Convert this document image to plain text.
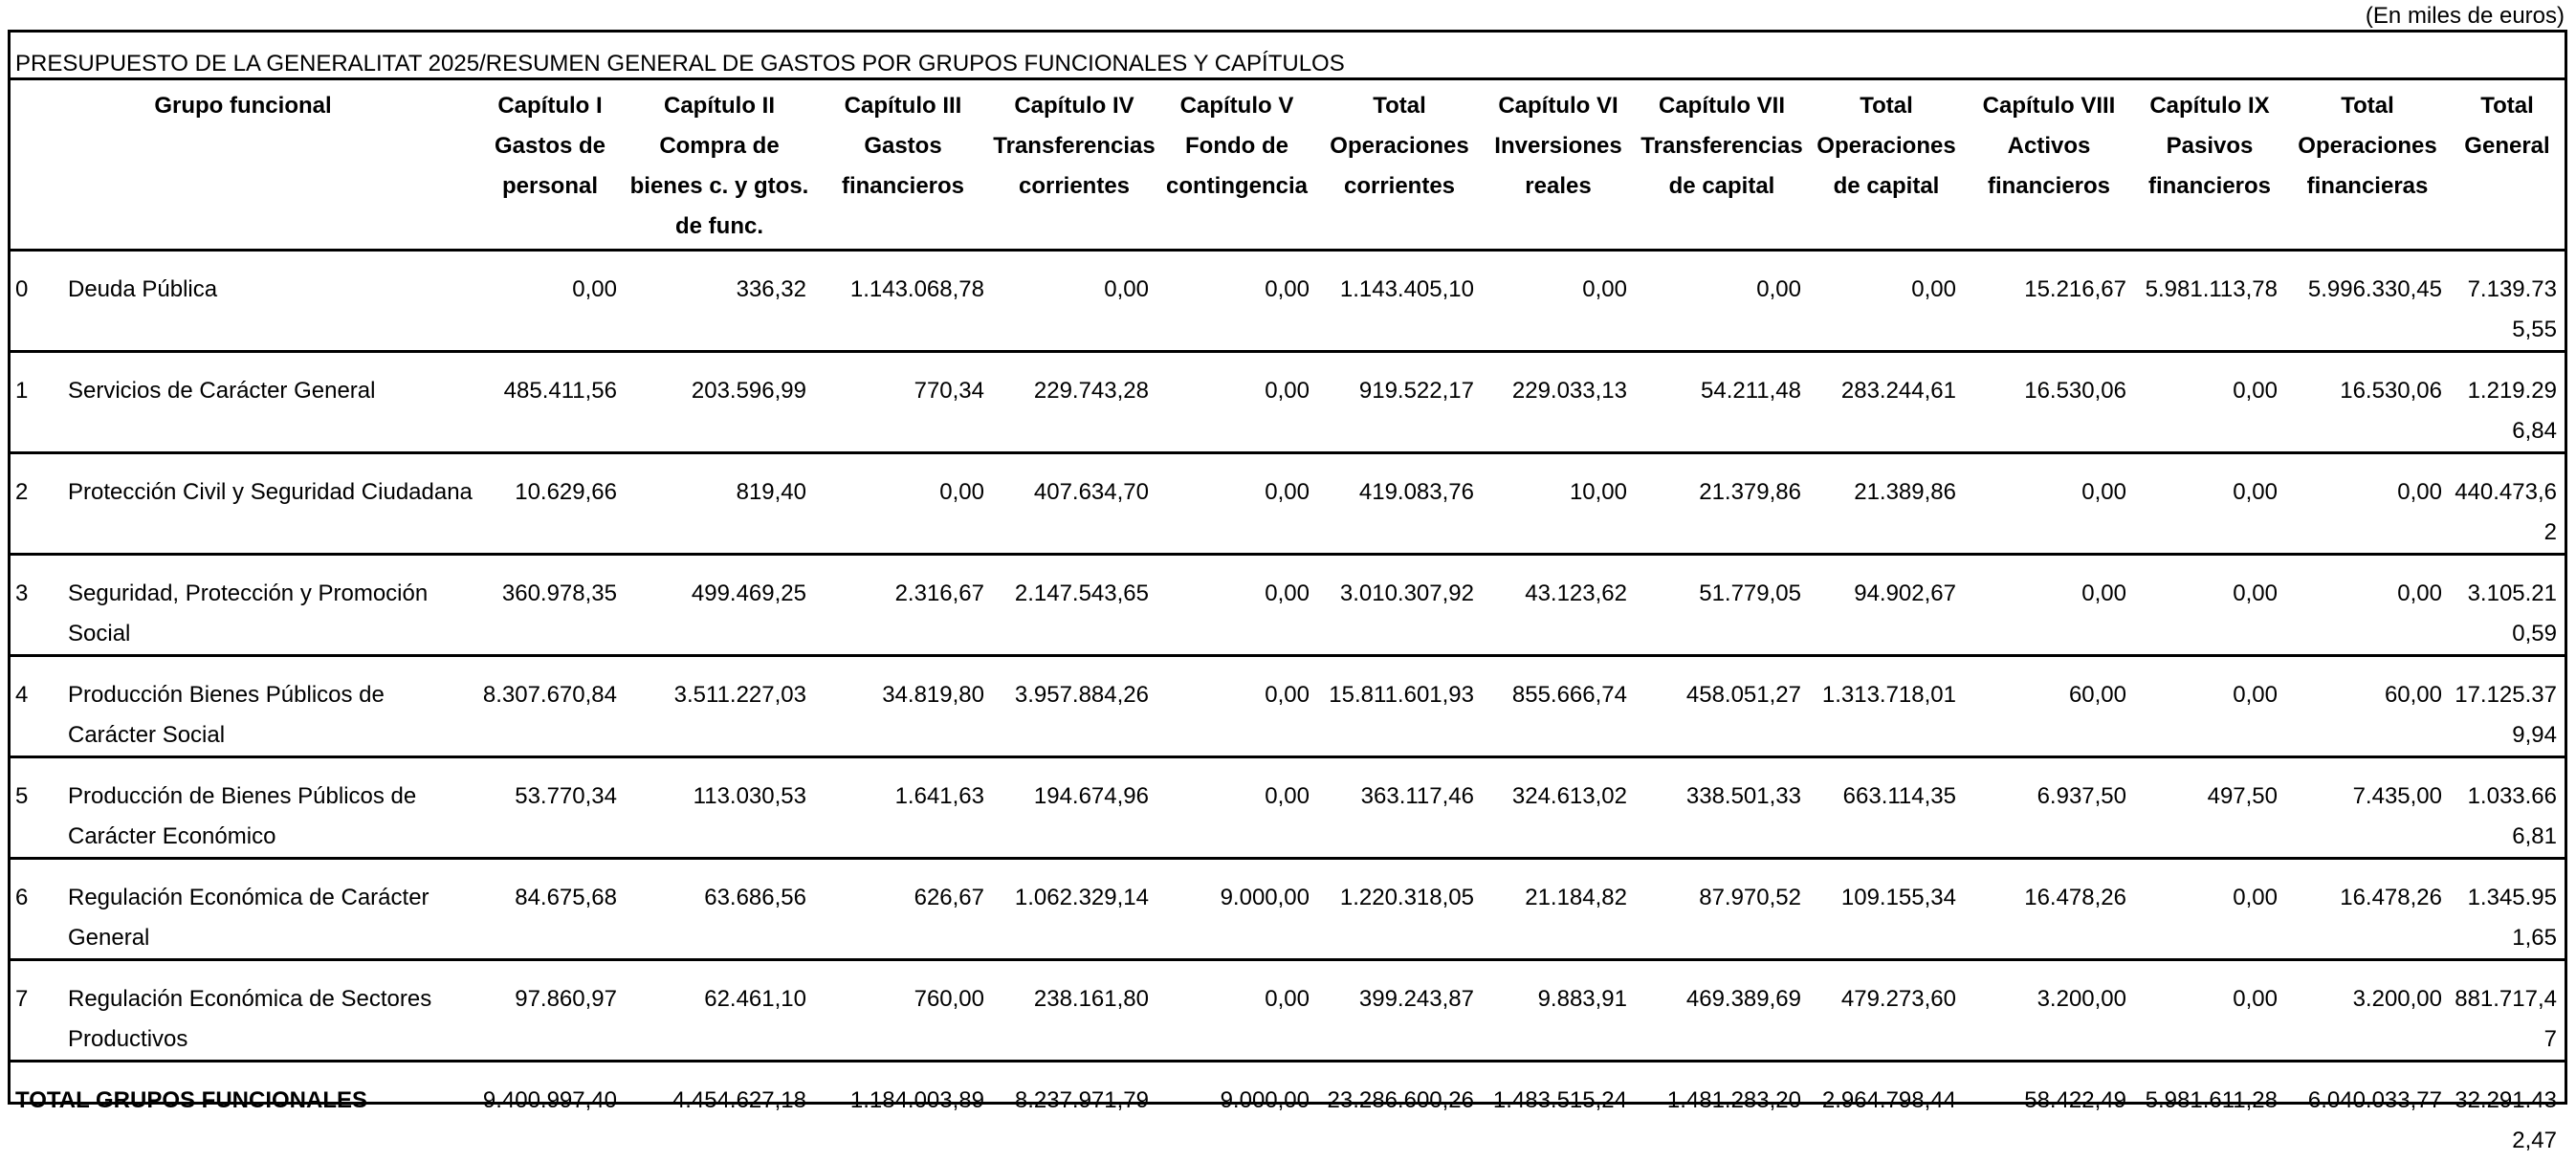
(En miles de euros)
PRESUPUESTO DE LA GENERALITAT 2025/RESUMEN GENERAL DE GASTOS POR GRUPOS FUNCIONALES Y CAPÍTULOS
Grupo funcional		Capítulo I Gastos de personal	Capítulo II Compra de bienes c. y gtos. de func.	Capítulo III Gastos financieros	Capítulo IV Transferencias corrientes	Capítulo V Fondo de contingencia	Total Operaciones corrientes	Capítulo VI Inversiones reales	Capítulo VII Transferencias de capital	Total Operaciones de capital	Capítulo VIII Activos financieros	Capítulo IX Pasivos financieros	Total Operaciones financieras	Total General
0	Deuda Pública	0,00	336,32	1.143.068,78	0,00	0,00	1.143.405,10	0,00	0,00	0,00	15.216,67	5.981.113,78	5.996.330,45	7.139.735,55
1	Servicios de Carácter General	485.411,56	203.596,99	770,34	229.743,28	0,00	919.522,17	229.033,13	54.211,48	283.244,61	16.530,06	0,00	16.530,06	1.219.296,84
2	Protección Civil y Seguridad Ciudadana	10.629,66	819,40	0,00	407.634,70	0,00	419.083,76	10,00	21.379,86	21.389,86	0,00	0,00	0,00	440.473,62
3	Seguridad, Protección y Promoción Social	360.978,35	499.469,25	2.316,67	2.147.543,65	0,00	3.010.307,92	43.123,62	51.779,05	94.902,67	0,00	0,00	0,00	3.105.210,59
4	Producción Bienes Públicos de Carácter Social	8.307.670,84	3.511.227,03	34.819,80	3.957.884,26	0,00	15.811.601,93	855.666,74	458.051,27	1.313.718,01	60,00	0,00	60,00	17.125.379,94
5	Producción de Bienes Públicos de Carácter Económico	53.770,34	113.030,53	1.641,63	194.674,96	0,00	363.117,46	324.613,02	338.501,33	663.114,35	6.937,50	497,50	7.435,00	1.033.666,81
6	Regulación Económica de Carácter General	84.675,68	63.686,56	626,67	1.062.329,14	9.000,00	1.220.318,05	21.184,82	87.970,52	109.155,34	16.478,26	0,00	16.478,26	1.345.951,65
7	Regulación Económica de Sectores Productivos	97.860,97	62.461,10	760,00	238.161,80	0,00	399.243,87	9.883,91	469.389,69	479.273,60	3.200,00	0,00	3.200,00	881.717,47
TOTAL GRUPOS FUNCIONALES		9.400.997,40	4.454.627,18	1.184.003,89	8.237.971,79	9.000,00	23.286.600,26	1.483.515,24	1.481.283,20	2.964.798,44	58.422,49	5.981.611,28	6.040.033,77	32.291.432,47
